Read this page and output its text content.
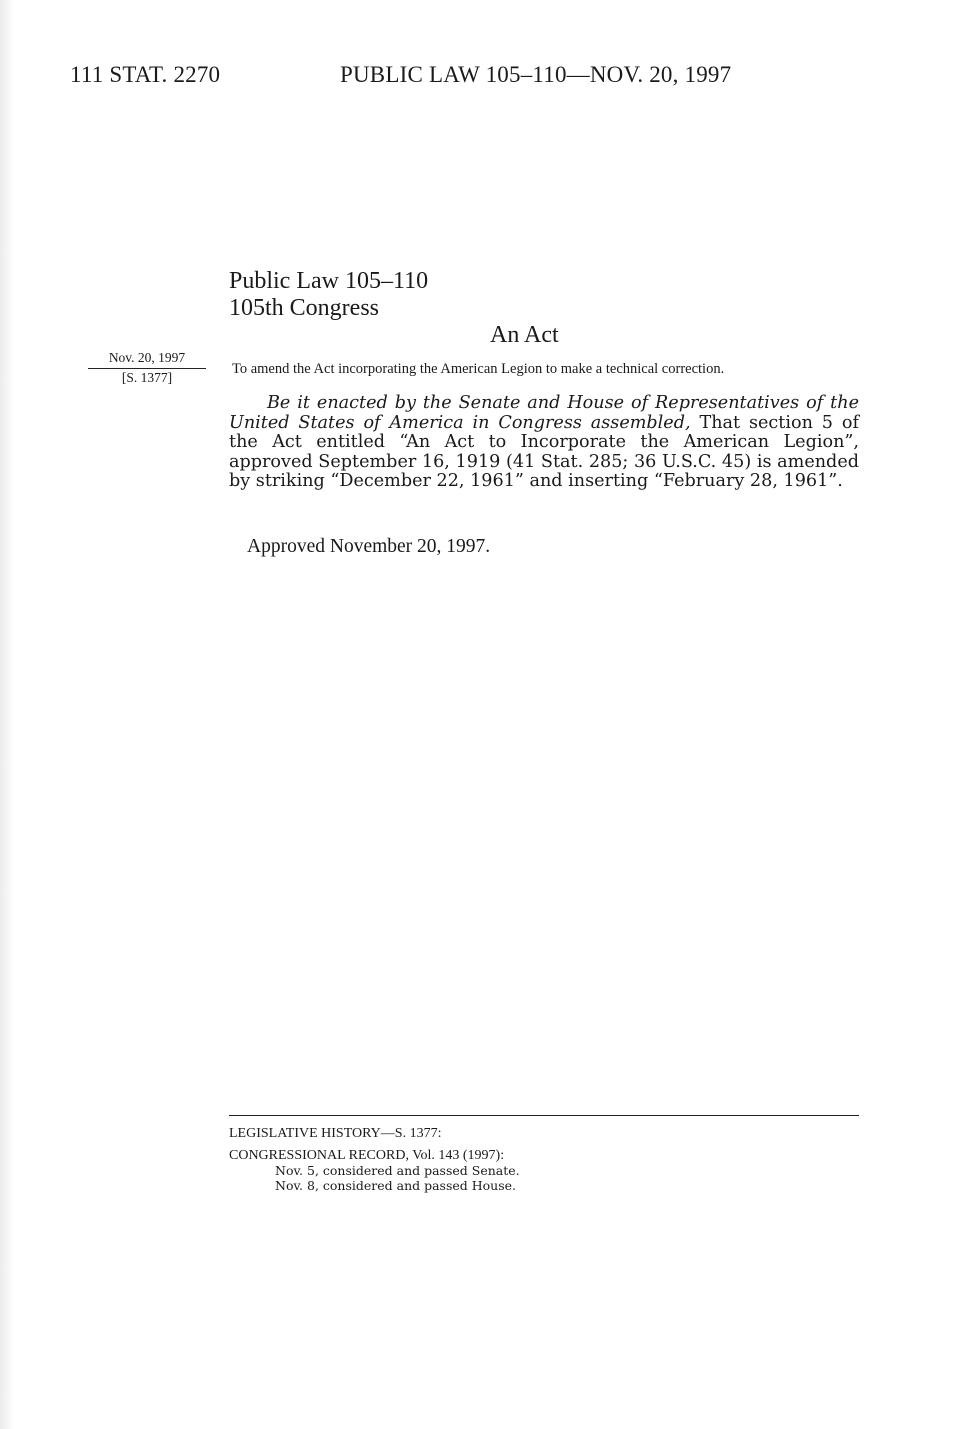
111 STAT. 2270	PUBLIC LAW 105–110—NOV. 20, 1997
Public Law 105–110
105th Congress
An Act
Nov. 20, 1997
[S. 1377]
To amend the Act incorporating the American Legion to make a technical correction.

Be it enacted by the Senate and House of Representatives of the United States of America in Congress assembled, That section 5 of the Act entitled “An Act to Incorporate the American Legion”, approved September 16, 1919 (41 Stat. 285; 36 U.S.C. 45) is amended by striking “December 22, 1961” and inserting “February 28, 1961”.

Approved November 20, 1997.
LEGISLATIVE HISTORY—S. 1377:
CONGRESSIONAL RECORD, Vol. 143 (1997):
Nov. 5, considered and passed Senate.
Nov. 8, considered and passed House.
